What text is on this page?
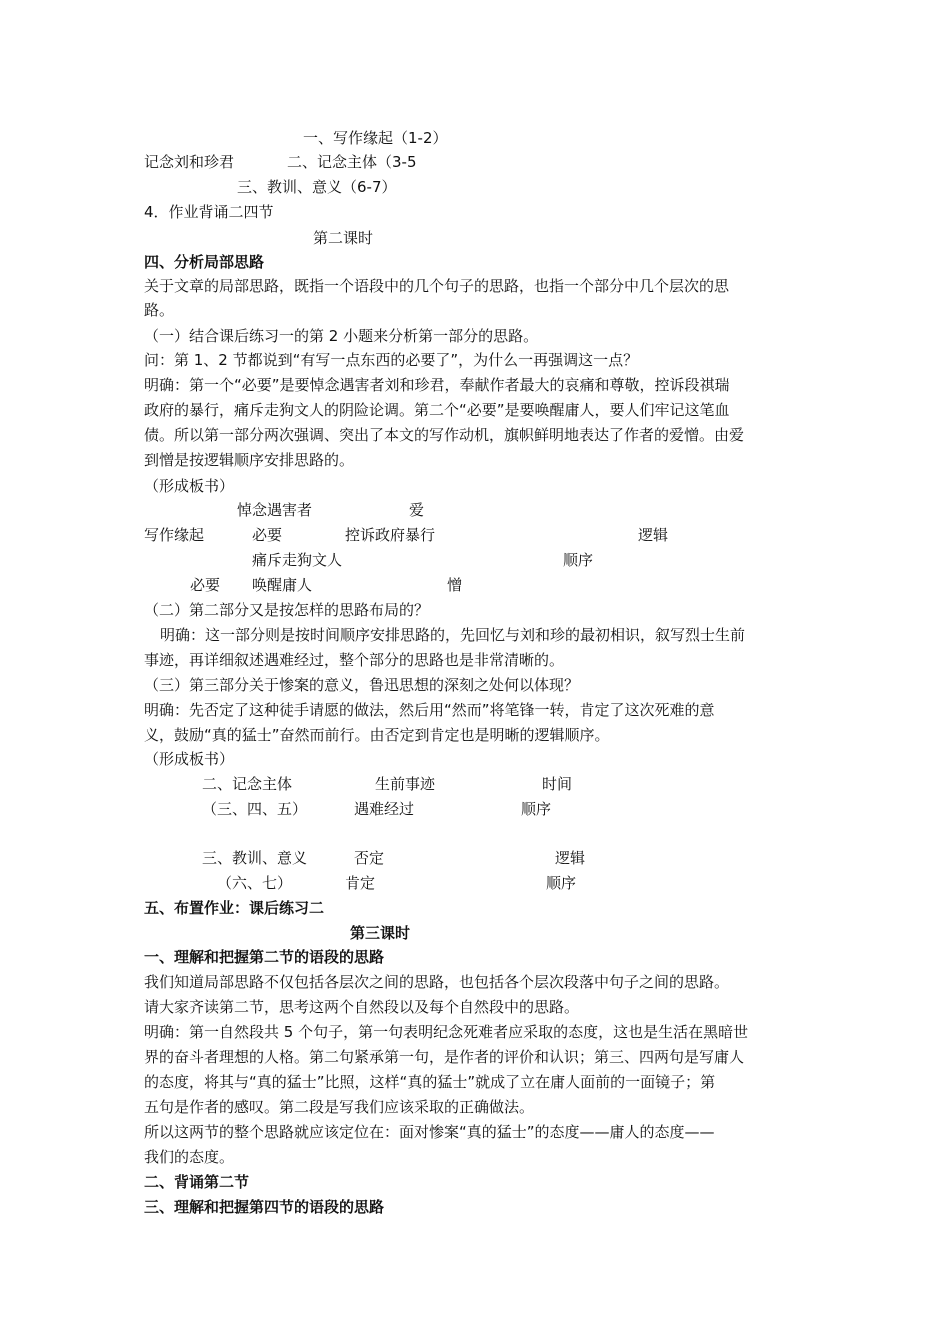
一、写作缘起（1-2）
记念刘和珍君	二、记念主体（3-5
三、教训、意义（6-7）
4．作业背诵二四节
第二课时
四、分析局部思路
关于文章的局部思路，既指一个语段中的几个句子的思路，也指一个部分中几个层次的思
路。
（一）结合课后练习一的第 2 小题来分析第一部分的思路。
问：第 1、2 节都说到“有写一点东西的必要了”，为什么一再强调这一点？
明确：第一个“必要”是要悼念遇害者刘和珍君，奉献作者最大的哀痛和尊敬，控诉段祺瑞
政府的暴行，痛斥走狗文人的阴险论调。第二个“必要”是要唤醒庸人，要人们牢记这笔血
债。所以第一部分两次强调、突出了本文的写作动机，旗帜鲜明地表达了作者的爱憎。由爱
到憎是按逻辑顺序安排思路的。
（形成板书）
悼念遇害者	爱
写作缘起	必要	控诉政府暴行	逻辑
痛斥走狗文人	顺序
必要 唤醒庸人	憎
（二）第二部分又是按怎样的思路布局的？
明确：这一部分则是按时间顺序安排思路的，先回忆与刘和珍的最初相识，叙写烈士生前
事迹，再详细叙述遇难经过，整个部分的思路也是非常清晰的。
（三）第三部分关于惨案的意义，鲁迅思想的深刻之处何以体现？
明确：先否定了这种徒手请愿的做法，然后用“然而”将笔锋一转，肯定了这次死难的意
义，鼓励“真的猛士”奋然而前行。由否定到肯定也是明晰的逻辑顺序。
（形成板书）
二、记念主体	生前事迹	时间
（三、四、五）	遇难经过	顺序
三、教训、意义	否定	逻辑
（六、七）	肯定	顺序
五、布置作业：课后练习二
第三课时
一、理解和把握第二节的语段的思路
我们知道局部思路不仅包括各层次之间的思路，也包括各个层次段落中句子之间的思路。
请大家齐读第二节，思考这两个自然段以及每个自然段中的思路。
明确：第一自然段共 5 个句子，第一句表明纪念死难者应采取的态度，这也是生活在黑暗世
界的奋斗者理想的人格。第二句紧承第一句，是作者的评价和认识；第三、四两句是写庸人
的态度，将其与“真的猛士”比照，这样“真的猛士”就成了立在庸人面前的一面镜子；第
五句是作者的感叹。第二段是写我们应该采取的正确做法。
所以这两节的整个思路就应该定位在：面对惨案“真的猛士”的态度——庸人的态度——
我们的态度。
二、背诵第二节
三、理解和把握第四节的语段的思路
